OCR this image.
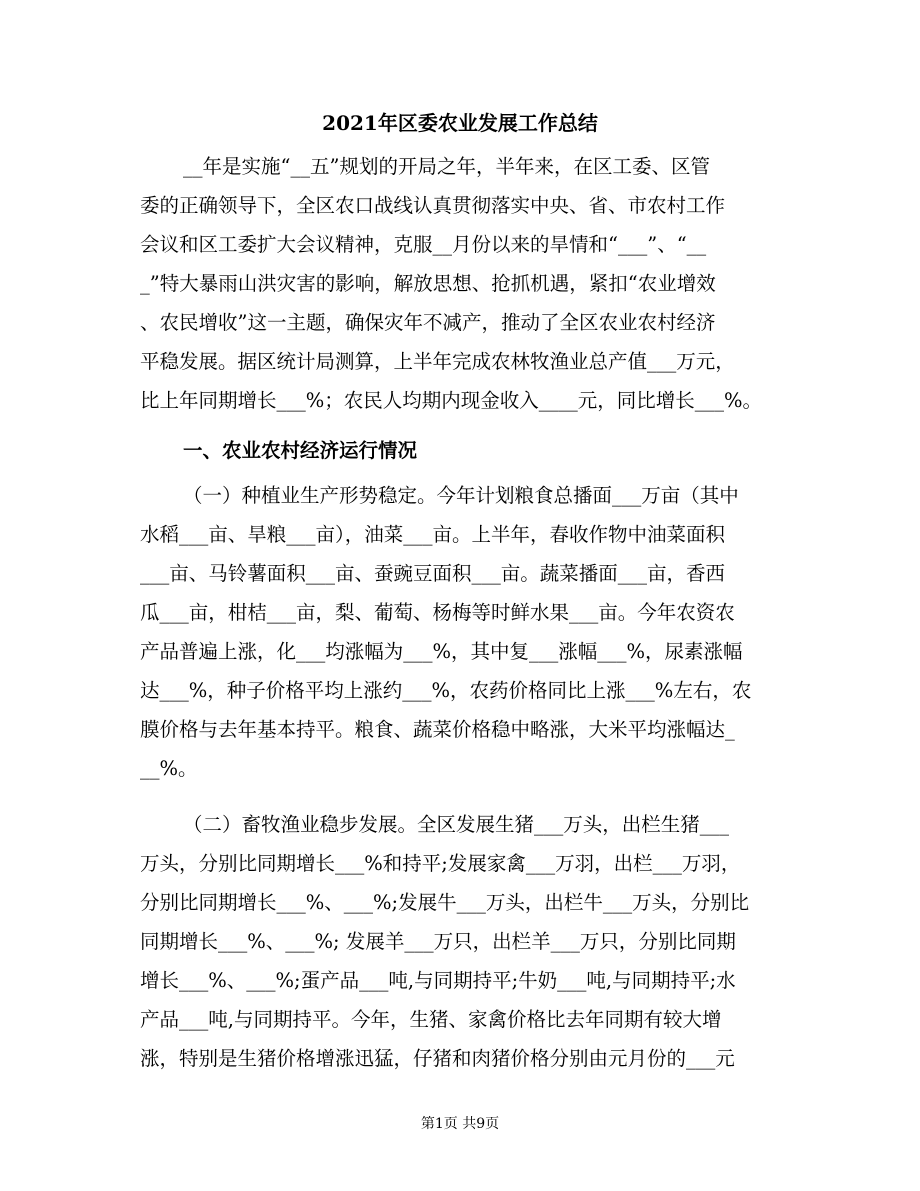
2021年区委农业发展工作总结
__年是实施“__五”规划的开局之年，半年来，在区工委、区管
委的正确领导下，全区农口战线认真贯彻落实中央、省、市农村工作
会议和区工委扩大会议精神，克服__月份以来的旱情和“___”、“__
_”特大暴雨山洪灾害的影响，解放思想、抢抓机遇，紧扣“农业增效
、农民增收”这一主题，确保灾年不减产，推动了全区农业农村经济
平稳发展。据区统计局测算，上半年完成农林牧渔业总产值___万元，
比上年同期增长___%；农民人均期内现金收入____元，同比增长___%。
一、农业农村经济运行情况
（一）种植业生产形势稳定。今年计划粮食总播面___万亩（其中
水稻___亩、旱粮___亩），油菜___亩。上半年，春收作物中油菜面积
___亩、马铃薯面积___亩、蚕豌豆面积___亩。蔬菜播面___亩，香西
瓜___亩，柑桔___亩，梨、葡萄、杨梅等时鲜水果___亩。今年农资农
产品普遍上涨，化___均涨幅为___%，其中复___涨幅___%，尿素涨幅
达___%，种子价格平均上涨约___%，农药价格同比上涨___%左右，农
膜价格与去年基本持平。粮食、蔬菜价格稳中略涨，大米平均涨幅达_
__%。
（二）畜牧渔业稳步发展。全区发展生猪___万头，出栏生猪___
万头，分别比同期增长___%和持平;发展家禽___万羽，出栏___万羽，
分别比同期增长___%、___%;发展牛___万头，出栏牛___万头，分别比
同期增长___%、___%; 发展羊___万只，出栏羊___万只，分别比同期
增长___%、___%;蛋产品___吨,与同期持平;牛奶___吨,与同期持平;水
产品___吨,与同期持平。今年，生猪、家禽价格比去年同期有较大增
涨，特别是生猪价格增涨迅猛，仔猪和肉猪价格分别由元月份的___元
第1页 共9页
